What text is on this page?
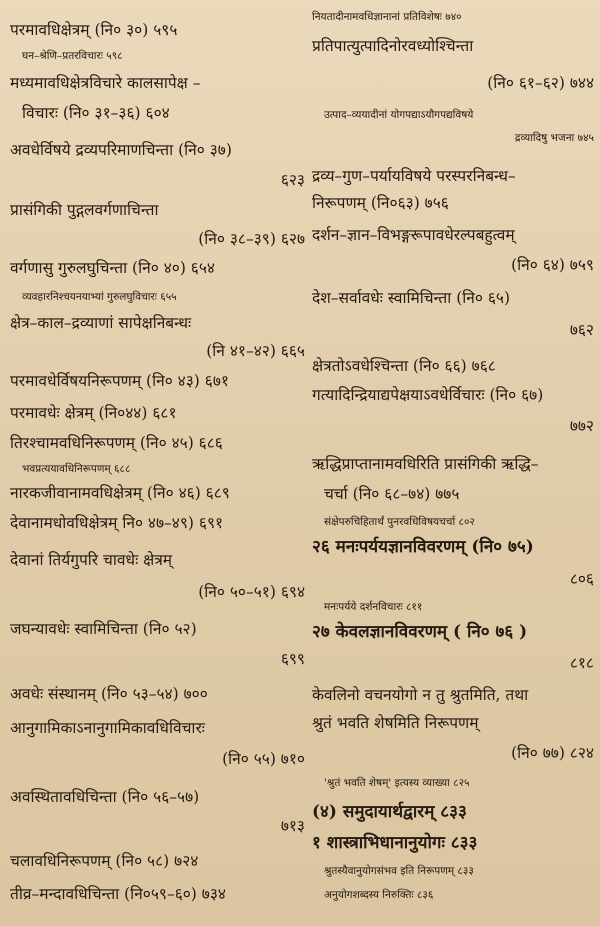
परमावधिक्षेत्रम् (नि० ३०) ५९५
घन–श्रेणि–प्रतरविचारः ५९८
मध्यमावधिक्षेत्रविचारे कालसापेक्ष –
विचारः (नि० ३१–३६) ६०४
अवधेर्विषये द्रव्यपरिमाणचिन्ता (नि० ३७)
६२३
प्रासंगिकी पुद्गलवर्गणाचिन्ता
(नि० ३८–३९) ६२७
वर्गणासु गुरुलघुचिन्ता (नि० ४०) ६५४
व्यवहारनिश्चयनयाभ्यां गुरुलघुविचारः ६५५
क्षेत्र–काल–द्रव्याणां सापेक्षनिबन्धः
(नि ४१–४२) ६६५
परमावधेर्विषयनिरूपणम् (नि० ४३) ६७१
परमावधेः क्षेत्रम् (नि०४४) ६८१
तिरश्चामवधिनिरूपणम् (नि० ४५) ६८६
भवप्रत्ययावधिनिरूपणम् ६८८
नारकजीवानामवधिक्षेत्रम् (नि० ४६) ६८९
देवानामधोवधिक्षेत्रम् नि० ४७–४९) ६९१
देवानां तिर्यगुपरि चावधेः क्षेत्रम्
(नि० ५०–५१) ६९४
जघन्यावधेः स्वामिचिन्ता (नि० ५२)
६९९
अवधेः संस्थानम् (नि० ५३–५४) ७००
आनुगामिकाऽनानुगामिकावधिविचारः
(नि० ५५) ७१०
अवस्थितावधिचिन्ता (नि० ५६–५७)
७१३
चलावधिनिरूपणम् (नि० ५८) ७२४
तीव्र–मन्दावधिचिन्ता (नि०५९–६०) ७३४
नियतादीनामवधिज्ञानानां प्रतिविशेषः ७४०
प्रतिपात्युत्पादिनोरवध्योश्चिन्ता
(नि० ६१–६२) ७४४
उत्पाद–व्ययादीनां योगपद्याऽयौगपद्यविषये
द्रव्यादिषु भजना ७४५
द्रव्य–गुण–पर्यायविषये परस्परनिबन्ध–
निरूपणम् (नि०६३) ७५६
दर्शन–ज्ञान–विभङ्गरूपावधेरल्पबहुत्वम्
(नि० ६४) ७५९
देश–सर्वावधेः स्वामिचिन्ता (नि० ६५)
७६२
क्षेत्रतोऽवधेश्चिन्ता (नि० ६६) ७६८
गत्यादिन्द्रियाद्यपेक्षयाऽवधेर्विचारः (नि० ६७)
७७२
ऋद्धिप्राप्तानामवधिरिति प्रासंगिकी ऋद्धि–
चर्चा (नि० ६८–७४) ७७५
संक्षेपरुचिहितार्थं पुनरवधिविषयचर्चा ८०२
२६ मनःपर्ययज्ञानविवरणम् (नि० ७५)
८०६
मनःपर्यये दर्शनविचारः ८११
२७ केवलज्ञानविवरणम् ( नि० ७६ )
८१८
केवलिनो वचनयोगो न तु श्रुतमिति, तथा
श्रुतं भवति शेषमिति निरूपणम्
(नि० ७७) ८२४
'श्रुतं भवति शेषम्' इत्यस्य व्याख्या ८२५
(४) समुदायार्थद्वारम् ८३३
१ शास्त्राभिधानानुयोगः ८३३
श्रुतस्यैवानुयोगसंभव इति निरूपणम् ८३३
अनुयोगशब्दस्य निरुक्तिः ८३६
